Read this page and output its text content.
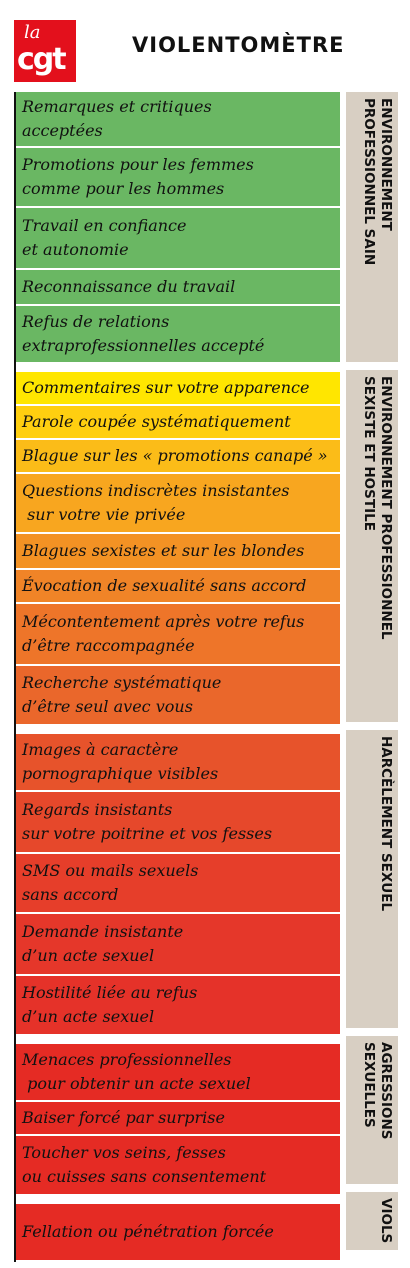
la
cgt	VIOLENTOMÈTRE
Remarques et critiques
acceptées
Promotions pour les femmes
comme pour les hommes
Travail en confiance
et autonomie
Reconnaissance du travail
Refus de relations
extraprofessionnelles accepté
Commentaires sur votre apparence
Parole coupée systématiquement
Blague sur les « promotions canapé »
Questions indiscrètes insistantes
sur votre vie privée
Blagues sexistes et sur les blondes
Évocation de sexualité sans accord
Mécontentement après votre refus
d’être raccompagnée
Recherche systématique
d’être seul avec vous
Images à caractère
pornographique visibles
Regards insistants
sur votre poitrine et vos fesses
SMS ou mails sexuels
sans accord
Demande insistante
d’un acte sexuel
Hostilité liée au refus
d’un acte sexuel
Menaces professionnelles
pour obtenir un acte sexuel
Baiser forcé par surprise
Toucher vos seins, fesses
ou cuisses sans consentement
Fellation ou pénétration forcée
ENVIRONNEMENT
PROFESSIONNEL SAIN
ENVIRONNEMENT PROFESSIONNEL
SEXISTE ET HOSTILE
HARCÈLEMENT SEXUEL
AGRESSIONS
SEXUELLES
VIOLS
